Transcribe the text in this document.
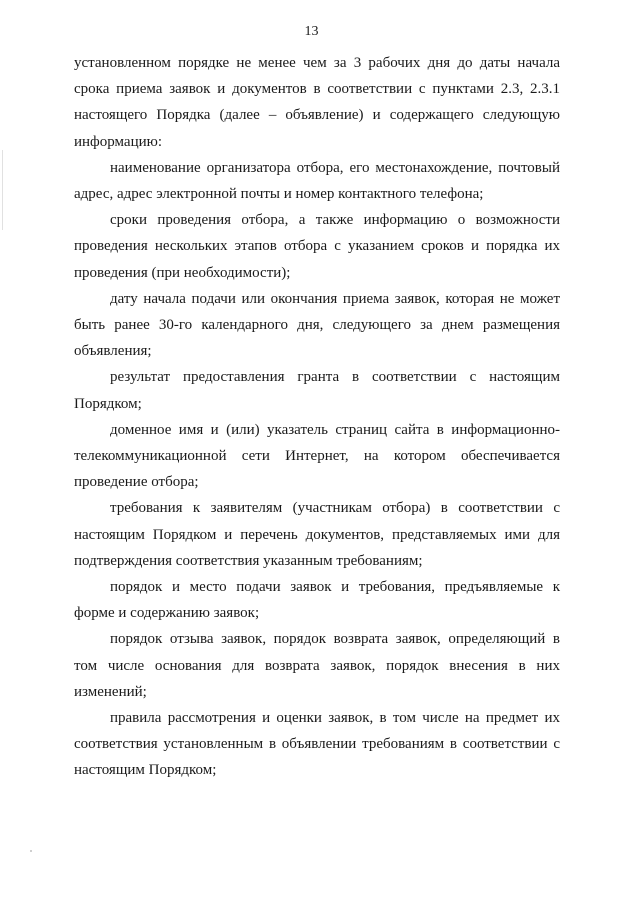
13

установленном порядке не менее чем за 3 рабочих дня до даты начала
срока приема заявок и документов в соответствии с пунктами 2.3, 2.3.1
настоящего Порядка (далее – объявление) и содержащего следующую
информацию:

наименование организатора отбора, его местонахождение, почтовый
адрес, адрес электронной почты и номер контактного телефона;

сроки проведения отбора, а также информацию о возможности
проведения нескольких этапов отбора с указанием сроков и порядка их
проведения (при необходимости);

дату начала подачи или окончания приема заявок, которая не может
быть ранее 30-го календарного дня, следующего за днем размещения
объявления;

результат предоставления гранта в соответствии с настоящим
Порядком;

доменное имя и (или) указатель страниц сайта в информационно-
телекоммуникационной сети Интернет, на котором обеспечивается
проведение отбора;

требования к заявителям (участникам отбора) в соответствии с
настоящим Порядком и перечень документов, представляемых ими для
подтверждения соответствия указанным требованиям;

порядок и место подачи заявок и требования, предъявляемые к
форме и содержанию заявок;

порядок отзыва заявок, порядок возврата заявок, определяющий в
том числе основания для возврата заявок, порядок внесения в них
изменений;

правила рассмотрения и оценки заявок, в том числе на предмет их
соответствия установленным в объявлении требованиям в соответствии с
настоящим Порядком;
